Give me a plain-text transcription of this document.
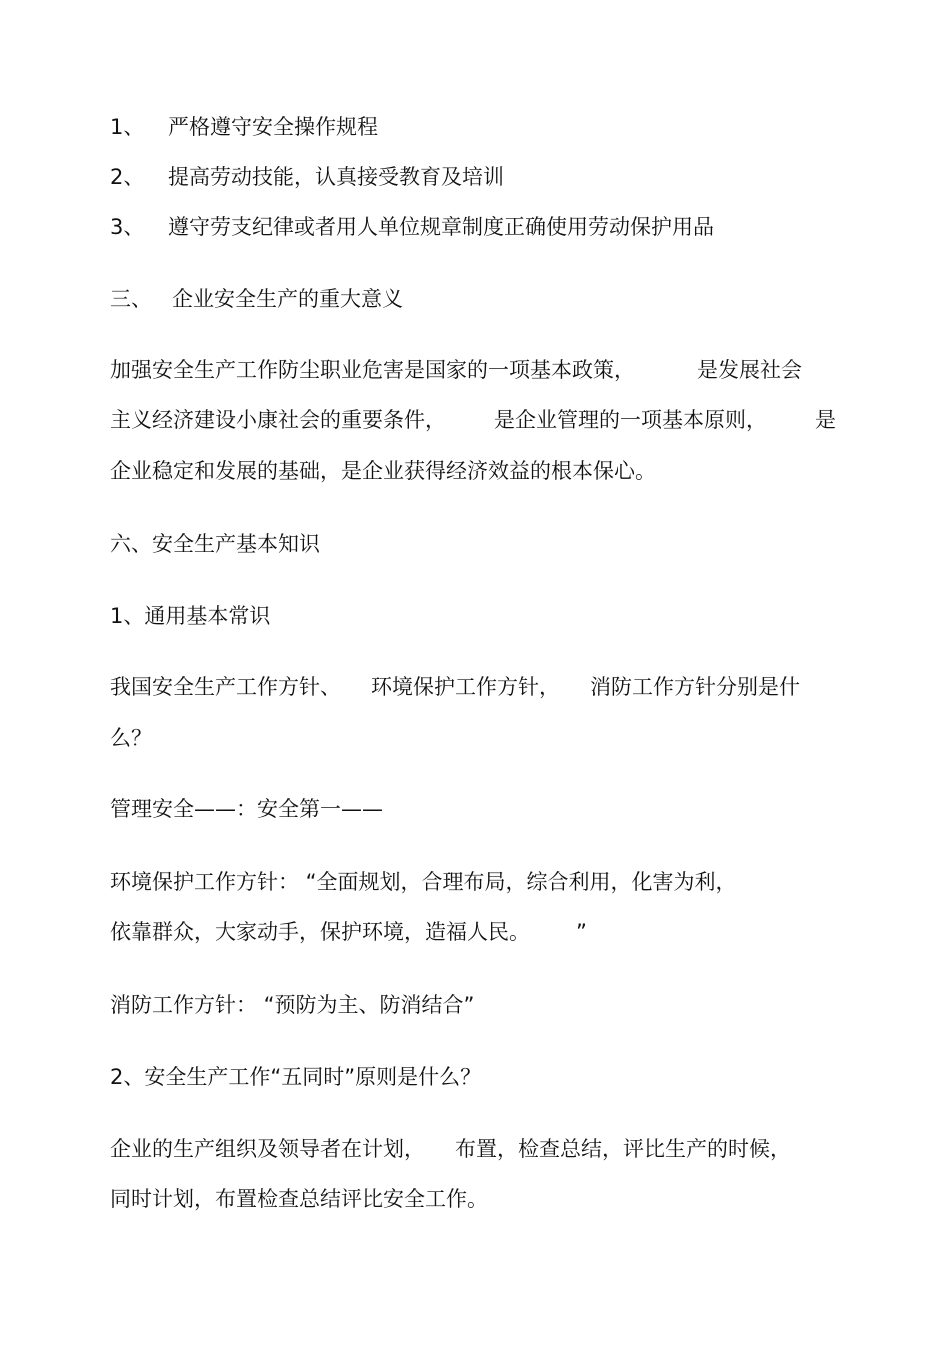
1、 严格遵守安全操作规程
2、 提高劳动技能，认真接受教育及培训
3、 遵守劳支纪律或者用人单位规章制度正确使用劳动保护用品
三、 企业安全生产的重大意义
加强安全生产工作防尘职业危害是国家的一项基本政策，	是发展社会
主义经济建设小康社会的重要条件， 是企业管理的一项基本原则， 是
企业稳定和发展的基础，是企业获得经济效益的根本保心。
六、安全生产基本知识
1、通用基本常识
我国安全生产工作方针、 环境保护工作方针， 消防工作方针分别是什
么？
管理安全——：安全第一——
环境保护工作方针： “全面规划，合理布局，综合利用，化害为利，
依靠群众，大家动手，保护环境，造福人民。 ”
消防工作方针： “预防为主、防消结合”
2、安全生产工作“五同时”原则是什么？
企业的生产组织及领导者在计划， 布置，检查总结，评比生产的时候，
同时计划，布置检查总结评比安全工作。
